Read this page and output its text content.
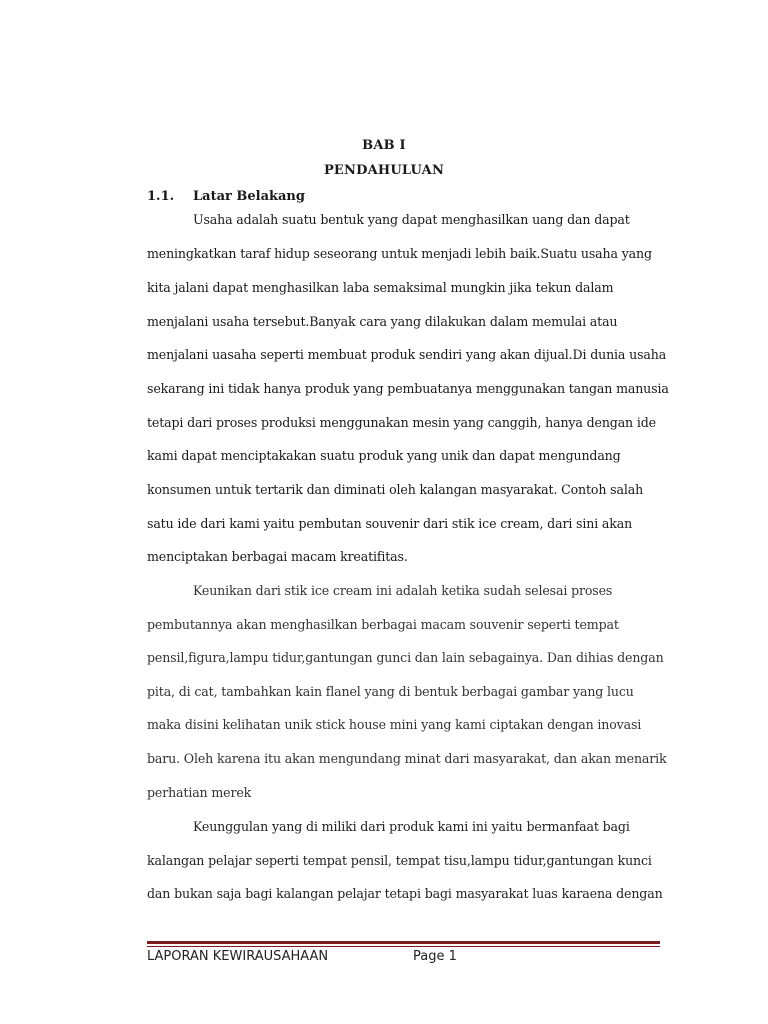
BAB I
PENDAHULUAN
1.1. Latar Belakang
Usaha adalah suatu bentuk yang dapat menghasilkan uang dan dapat
meningkatkan taraf hidup seseorang untuk menjadi lebih baik.Suatu usaha yang
kita jalani dapat menghasilkan laba semaksimal mungkin jika tekun dalam
menjalani usaha tersebut.Banyak cara yang dilakukan dalam memulai atau
menjalani uasaha seperti membuat produk sendiri yang akan dijual.Di dunia usaha
sekarang ini tidak hanya produk yang pembuatanya menggunakan tangan manusia
tetapi dari proses produksi menggunakan mesin yang canggih, hanya dengan ide
kami dapat menciptakakan suatu produk yang unik dan dapat mengundang
konsumen untuk tertarik dan diminati oleh kalangan masyarakat. Contoh salah
satu ide dari kami yaitu pembutan souvenir dari stik ice cream, dari sini akan
menciptakan berbagai macam kreatifitas.
Keunikan dari stik ice cream ini adalah ketika sudah selesai proses
pembutannya akan menghasilkan berbagai macam souvenir seperti tempat
pensil,figura,lampu tidur,gantungan gunci dan lain sebagainya. Dan dihias dengan
pita, di cat, tambahkan kain flanel yang di bentuk berbagai gambar yang lucu
maka disini kelihatan unik stick house mini yang kami ciptakan dengan inovasi
baru. Oleh karena itu akan mengundang minat dari masyarakat, dan akan menarik
perhatian merek
Keunggulan yang di miliki dari produk kami ini yaitu bermanfaat bagi
kalangan pelajar seperti tempat pensil, tempat tisu,lampu tidur,gantungan kunci
dan bukan saja bagi kalangan pelajar tetapi bagi masyarakat luas karaena dengan
LAPORAN KEWIRAUSAHAAN	Page 1
